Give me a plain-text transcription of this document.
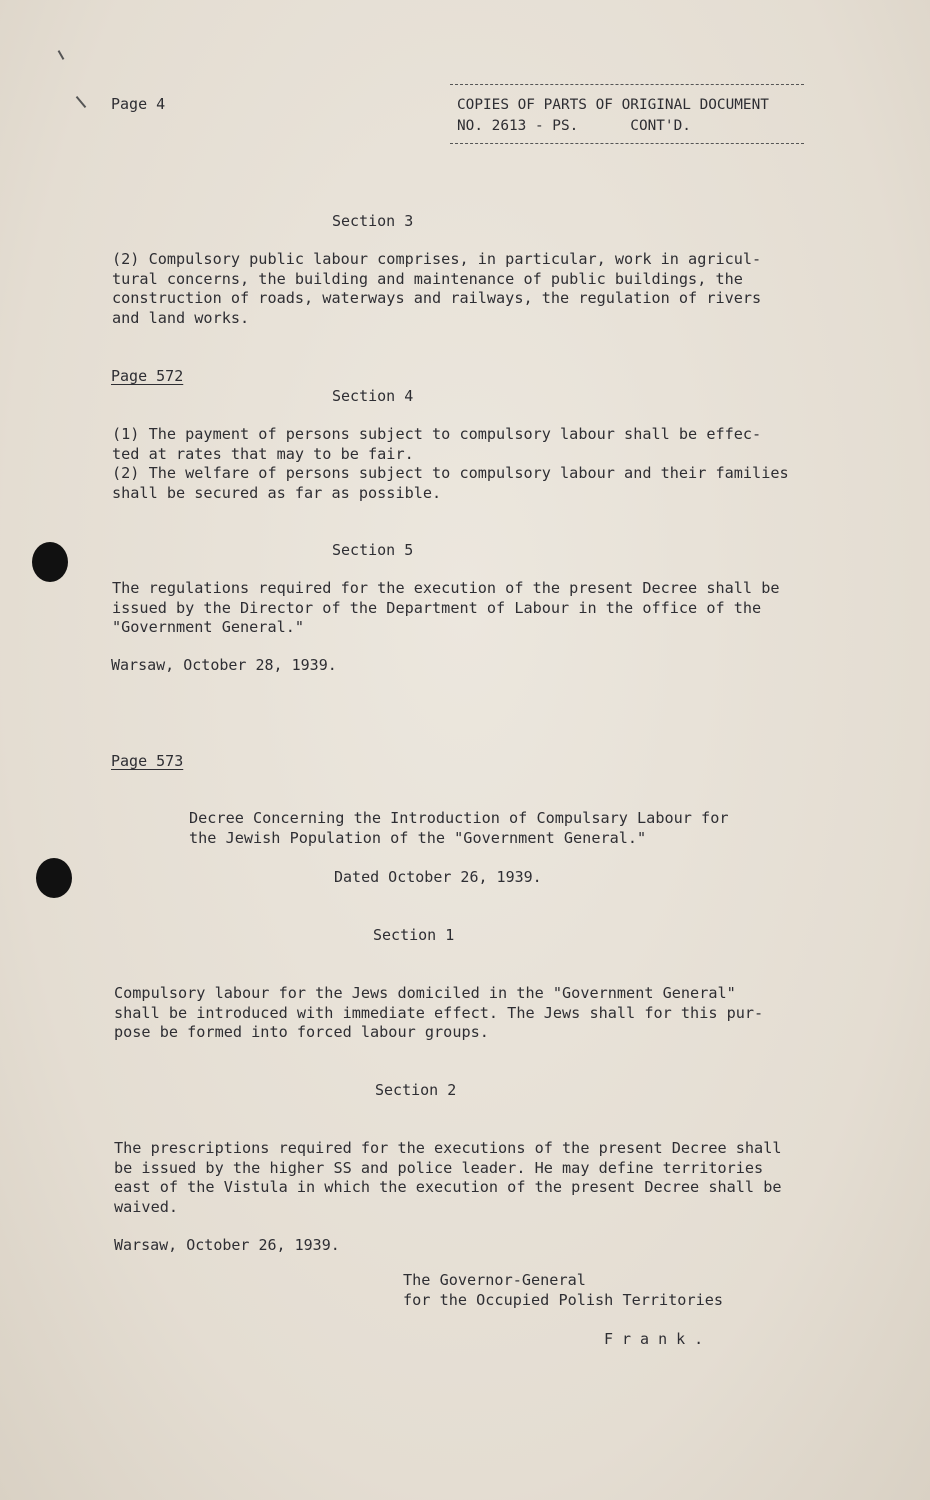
Page 4	COPIES OF PARTS OF ORIGINAL DOCUMENT

NO. 2613 - PS.      CONT'D.

Section 3

(2) Compulsory public labour comprises, in particular, work in agricul-
tural concerns, the building and maintenance of public buildings, the
construction of roads, waterways and railways, the regulation of rivers
and land works.

Page 572

Section 4

(1) The payment of persons subject to compulsory labour shall be effec-
ted at rates that may to be fair.
(2) The welfare of persons subject to compulsory labour and their families
shall be secured as far as possible.

Section 5

The regulations required for the execution of the present Decree shall be
issued by the Director of the Department of Labour in the office of the
"Government General."

Warsaw, October 28, 1939.

Page 573

Decree Concerning the Introduction of Compulsary Labour for
the Jewish Population of the "Government General."

Dated October 26, 1939.

Section 1

Compulsory labour for the Jews domiciled in the "Government General"
shall be introduced with immediate effect. The Jews shall for this pur-
pose be formed into forced labour groups.

Section 2

The prescriptions required for the executions of the present Decree shall
be issued by the higher SS and police leader. He may define territories
east of the Vistula in which the execution of the present Decree shall be
waived.

Warsaw, October 26, 1939.

The Governor-General
for the Occupied Polish Territories

Frank.
